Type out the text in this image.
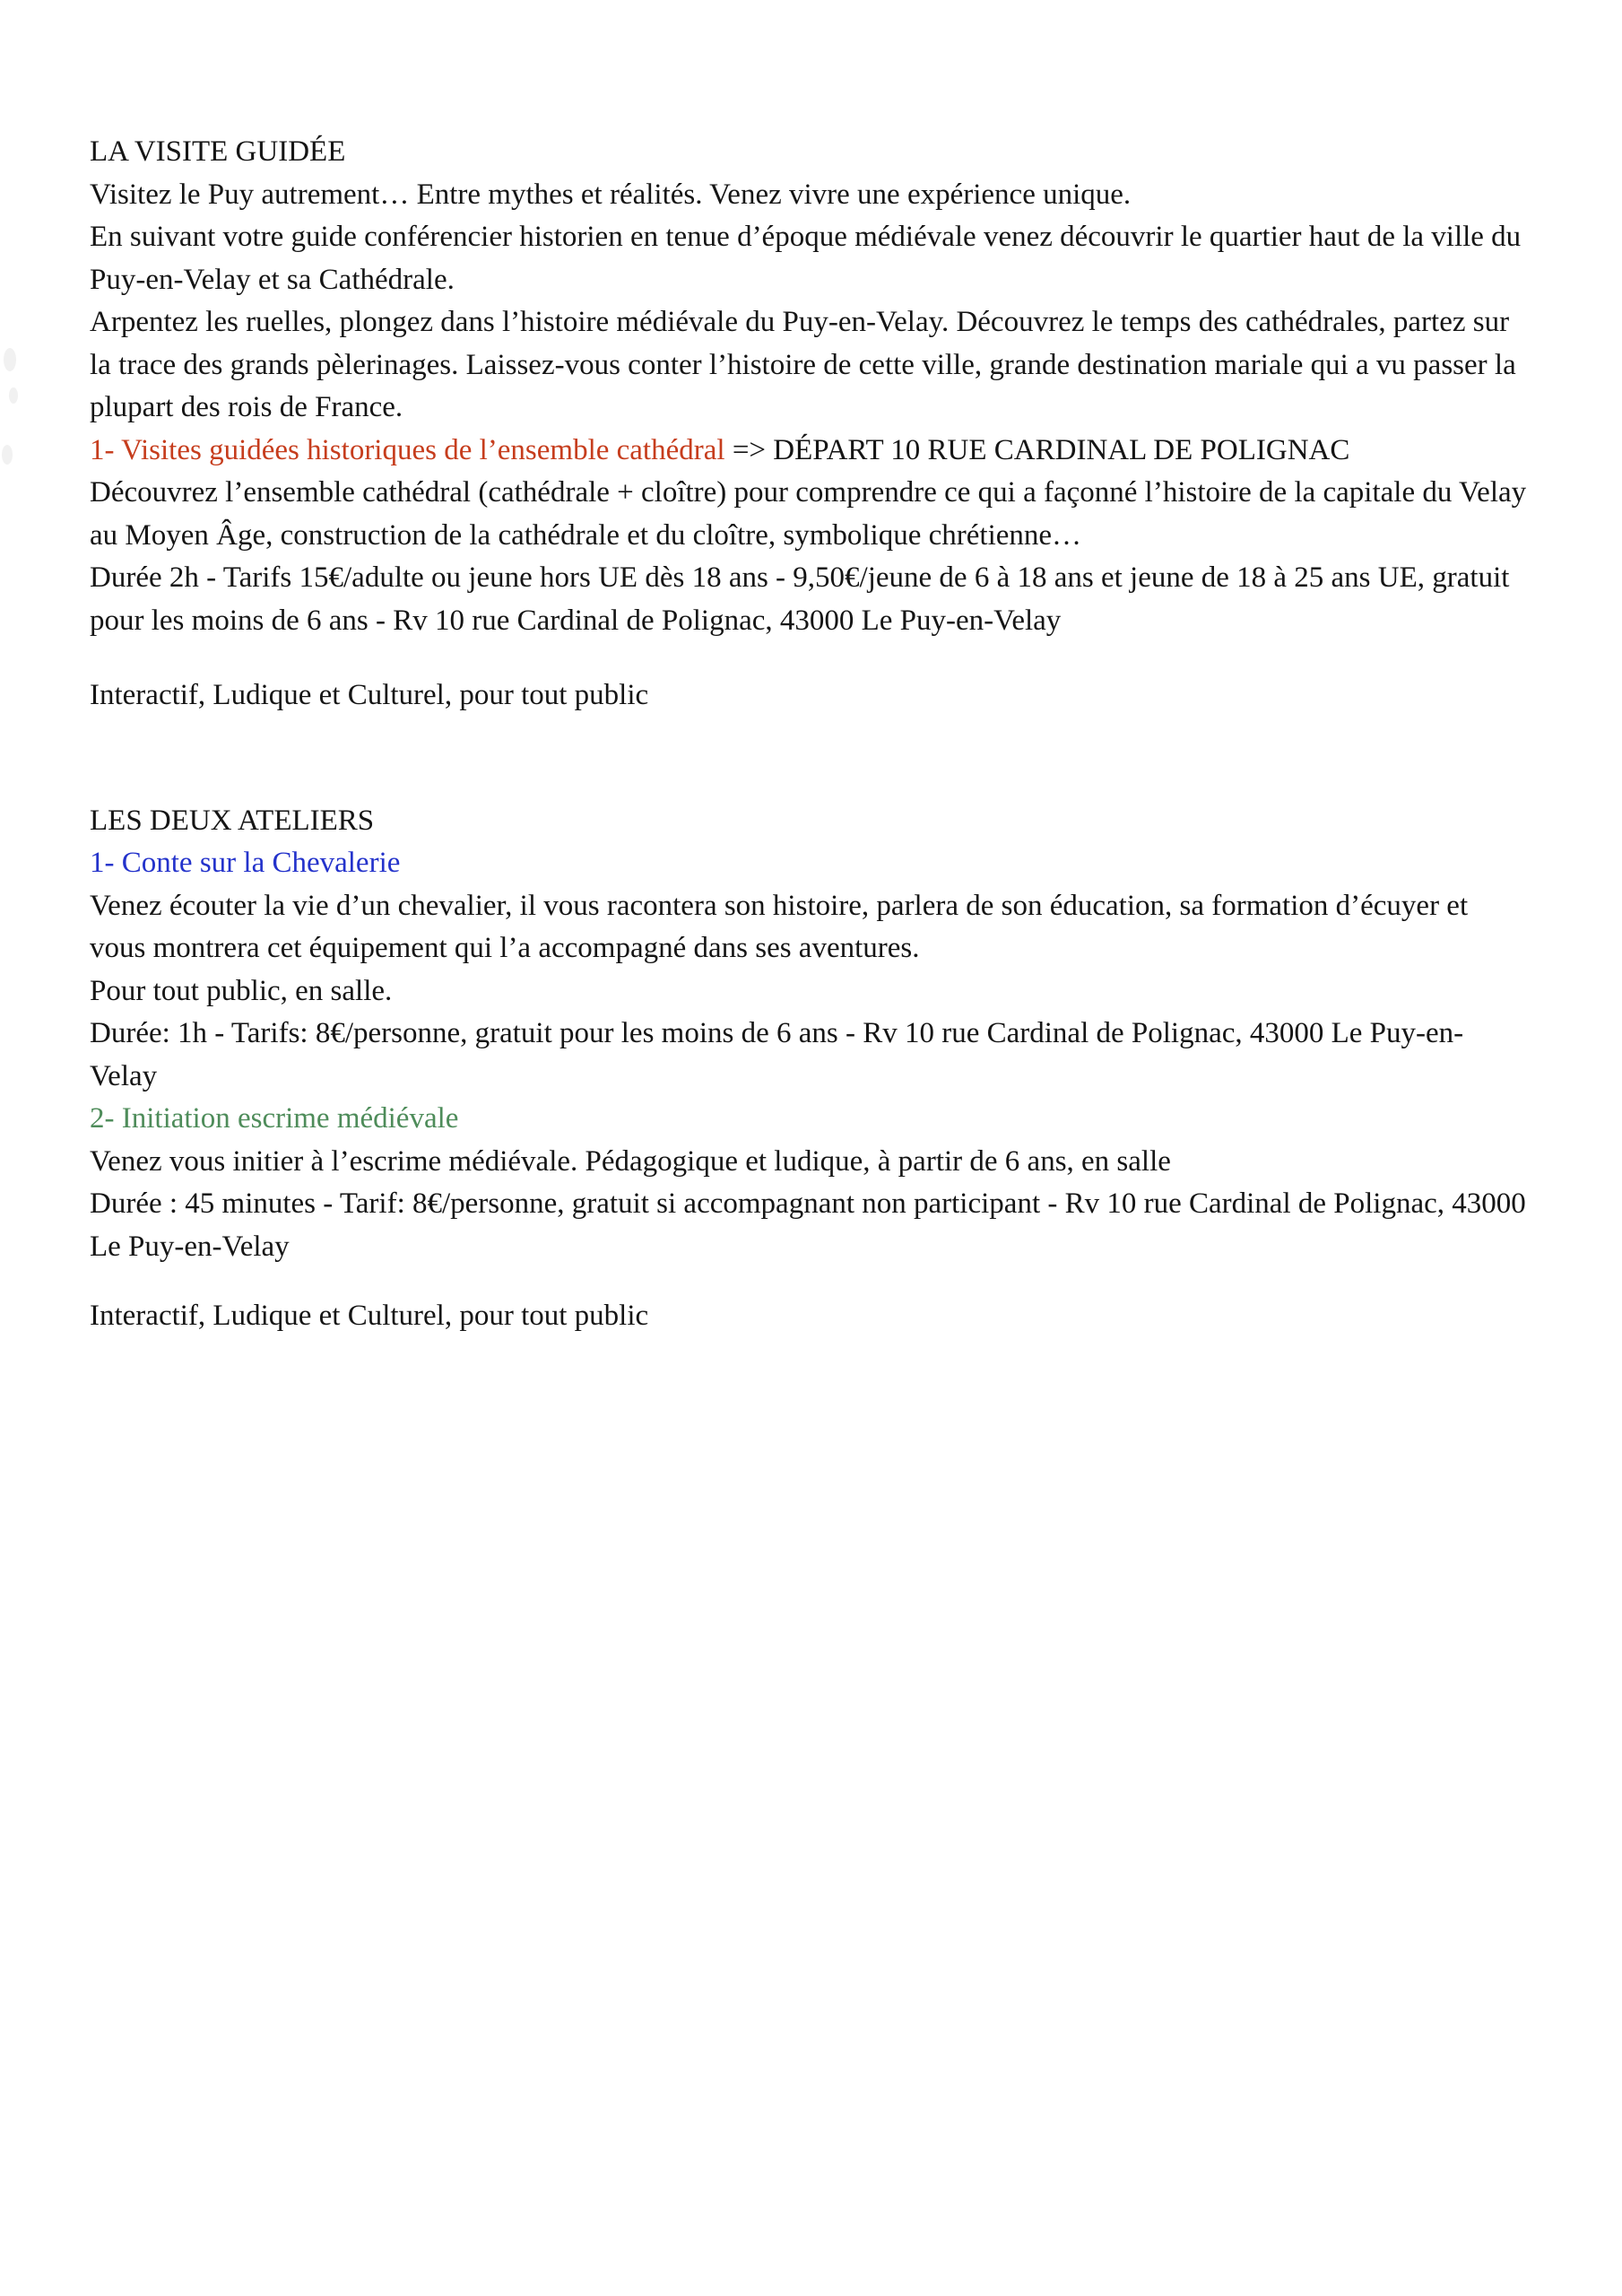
LA VISITE GUIDÉE

Visitez le Puy autrement… Entre mythes et réalités. Venez vivre une expérience unique.

En suivant votre guide conférencier historien en tenue d’époque médiévale venez découvrir le quartier haut de la ville du Puy-en-Velay et sa Cathédrale.

Arpentez les ruelles, plongez dans l’histoire médiévale du Puy-en-Velay. Découvrez le temps des cathédrales, partez sur la trace des grands pèlerinages. Laissez-vous conter l’histoire de cette ville, grande destination mariale qui a vu passer la plupart des rois de France.

1- Visites guidées historiques de l’ensemble cathédral => DÉPART 10 RUE CARDINAL DE POLIGNAC

Découvrez l’ensemble cathédral (cathédrale + cloître) pour comprendre ce qui a façonné l’histoire de la capitale du Velay au Moyen Âge, construction de la cathédrale et du cloître, symbolique chrétienne…

Durée 2h - Tarifs 15€/adulte ou jeune hors UE dès 18 ans - 9,50€/jeune de 6 à 18 ans et jeune de 18 à 25 ans UE, gratuit pour les moins de 6 ans - Rv 10 rue Cardinal de Polignac, 43000 Le Puy-en-Velay

Interactif, Ludique et Culturel, pour tout public

LES DEUX ATELIERS

1- Conte sur la Chevalerie

Venez écouter la vie d’un chevalier, il vous racontera son histoire, parlera de son éducation, sa formation d’écuyer et vous montrera cet équipement qui l’a accompagné dans ses aventures.

Pour tout public, en salle.

Durée: 1h - Tarifs: 8€/personne, gratuit pour les moins de 6 ans - Rv 10 rue Cardinal de Polignac, 43000 Le Puy-en-Velay

2- Initiation escrime médiévale

Venez vous initier à l’escrime médiévale. Pédagogique et ludique, à partir de 6 ans, en salle

Durée : 45 minutes - Tarif: 8€/personne, gratuit si accompagnant non participant - Rv 10 rue Cardinal de Polignac, 43000 Le Puy-en-Velay

Interactif, Ludique et Culturel, pour tout public
